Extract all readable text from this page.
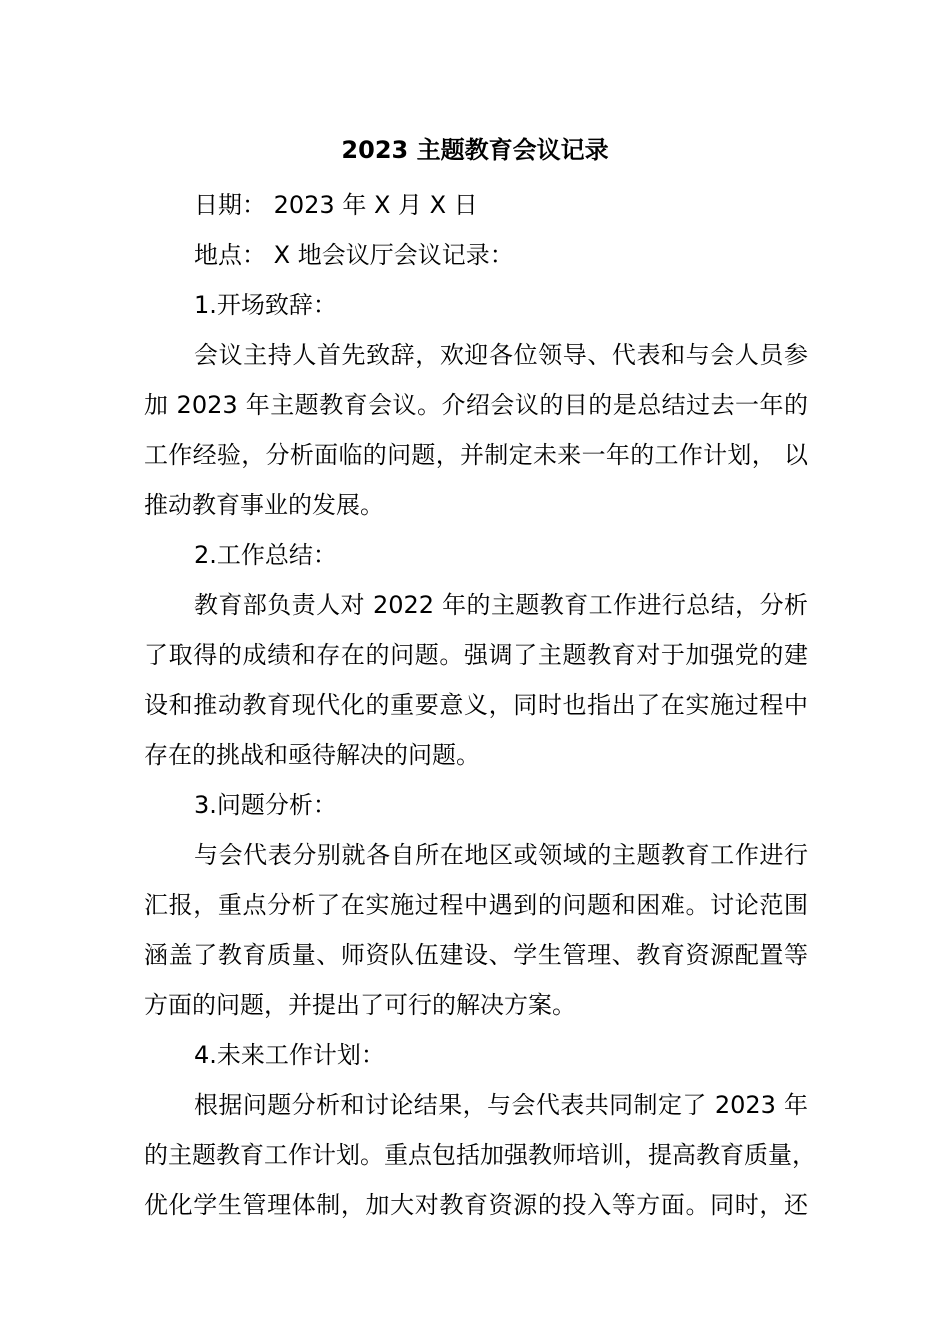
2023 主题教育会议记录

日期： 2023 年 X 月 X 日

地点： X 地会议厅会议记录：

1.开场致辞：

会议主持人首先致辞，欢迎各位领导、代表和与会人员参

加 2023 年主题教育会议。介绍会议的目的是总结过去一年的

工作经验，分析面临的问题，并制定未来一年的工作计划， 以

推动教育事业的发展。

2.工作总结：

教育部负责人对 2022 年的主题教育工作进行总结，分析

了取得的成绩和存在的问题。强调了主题教育对于加强党的建

设和推动教育现代化的重要意义，同时也指出了在实施过程中

存在的挑战和亟待解决的问题。

3.问题分析：

与会代表分别就各自所在地区或领域的主题教育工作进行

汇报，重点分析了在实施过程中遇到的问题和困难。讨论范围

涵盖了教育质量、师资队伍建设、学生管理、教育资源配置等

方面的问题，并提出了可行的解决方案。

4.未来工作计划：

根据问题分析和讨论结果，与会代表共同制定了 2023 年

的主题教育工作计划。重点包括加强教师培训，提高教育质量，

优化学生管理体制，加大对教育资源的投入等方面。同时，还
